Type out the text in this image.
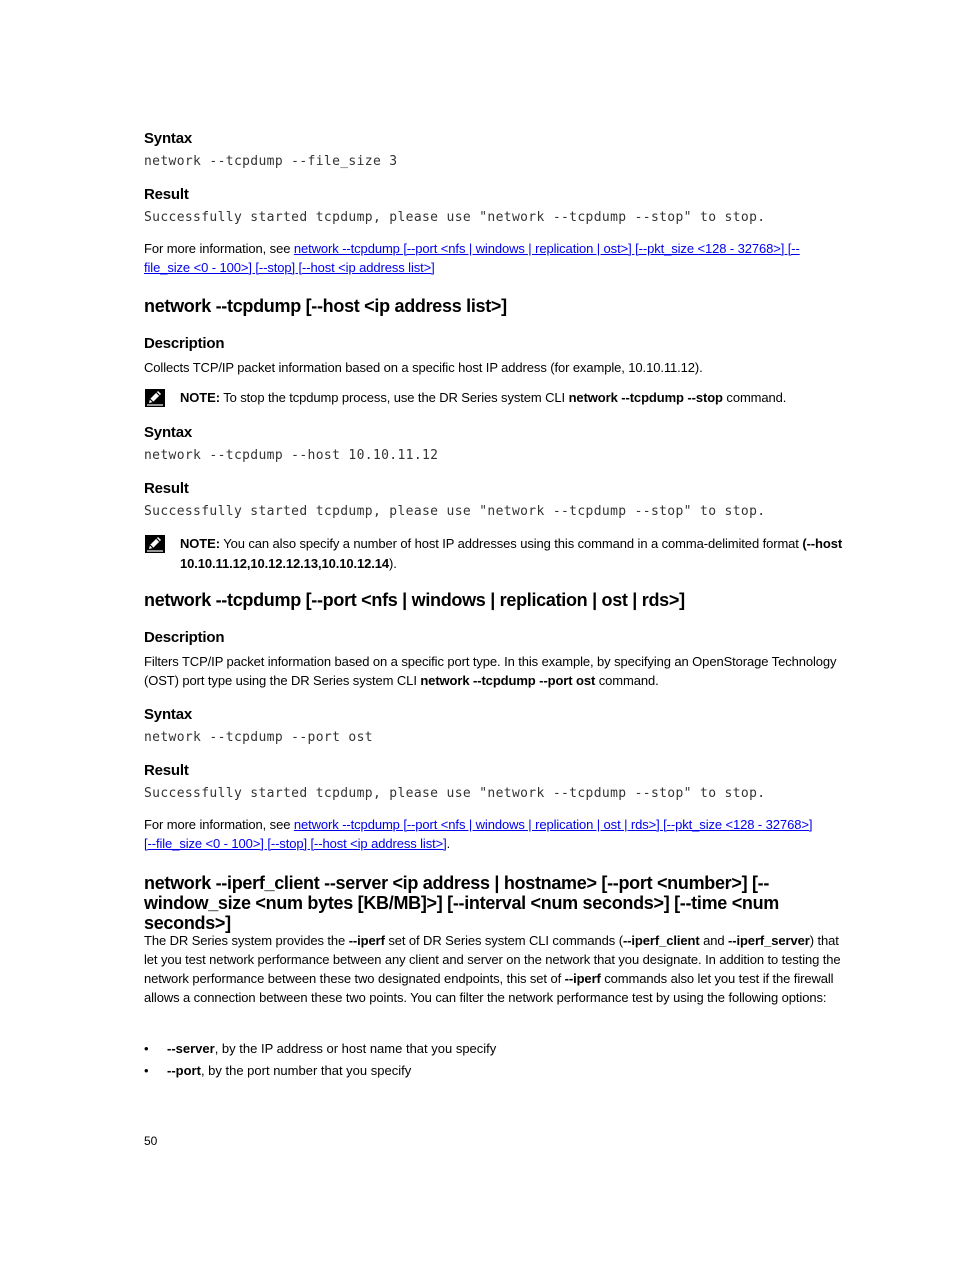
Syntax
network --tcpdump --file_size 3
Result
Successfully started tcpdump, please use "network --tcpdump --stop" to stop.
For more information, see network --tcpdump [--port <nfs | windows | replication | ost>] [--pkt_size <128 - 32768>] [--
file_size <0 - 100>] [--stop] [--host <ip address list>]
network --tcpdump [--host <ip address list>]
Description
Collects TCP/IP packet information based on a specific host IP address (for example, 10.10.11.12).
NOTE: To stop the tcpdump process, use the DR Series system CLI network --tcpdump --stop command.
Syntax
network --tcpdump --host 10.10.11.12
Result
Successfully started tcpdump, please use "network --tcpdump --stop" to stop.
NOTE: You can also specify a number of host IP addresses using this command in a comma-delimited format (--host 10.10.11.12,10.12.12.13,10.10.12.14).
network --tcpdump [--port <nfs | windows | replication | ost | rds>]
Description
Filters TCP/IP packet information based on a specific port type. In this example, by specifying an OpenStorage Technology (OST) port type using the DR Series system CLI network --tcpdump --port ost command.
Syntax
network --tcpdump --port ost
Result
Successfully started tcpdump, please use "network --tcpdump --stop" to stop.
For more information, see network --tcpdump [--port <nfs | windows | replication | ost | rds>] [--pkt_size <128 - 32768>]
[--file_size <0 - 100>] [--stop] [--host <ip address list>].
network --iperf_client --server <ip address | hostname> [--port <number>] [--window_size <num bytes [KB/MB]>] [--interval <num seconds>] [--time <num seconds>]
The DR Series system provides the --iperf set of DR Series system CLI commands (--iperf_client and --iperf_server) that let you test network performance between any client and server on the network that you designate. In addition to testing the network performance between these two designated endpoints, this set of --iperf commands also let you test if the firewall allows a connection between these two points. You can filter the network performance test by using the following options:
• --server, by the IP address or host name that you specify
• --port, by the port number that you specify
50
